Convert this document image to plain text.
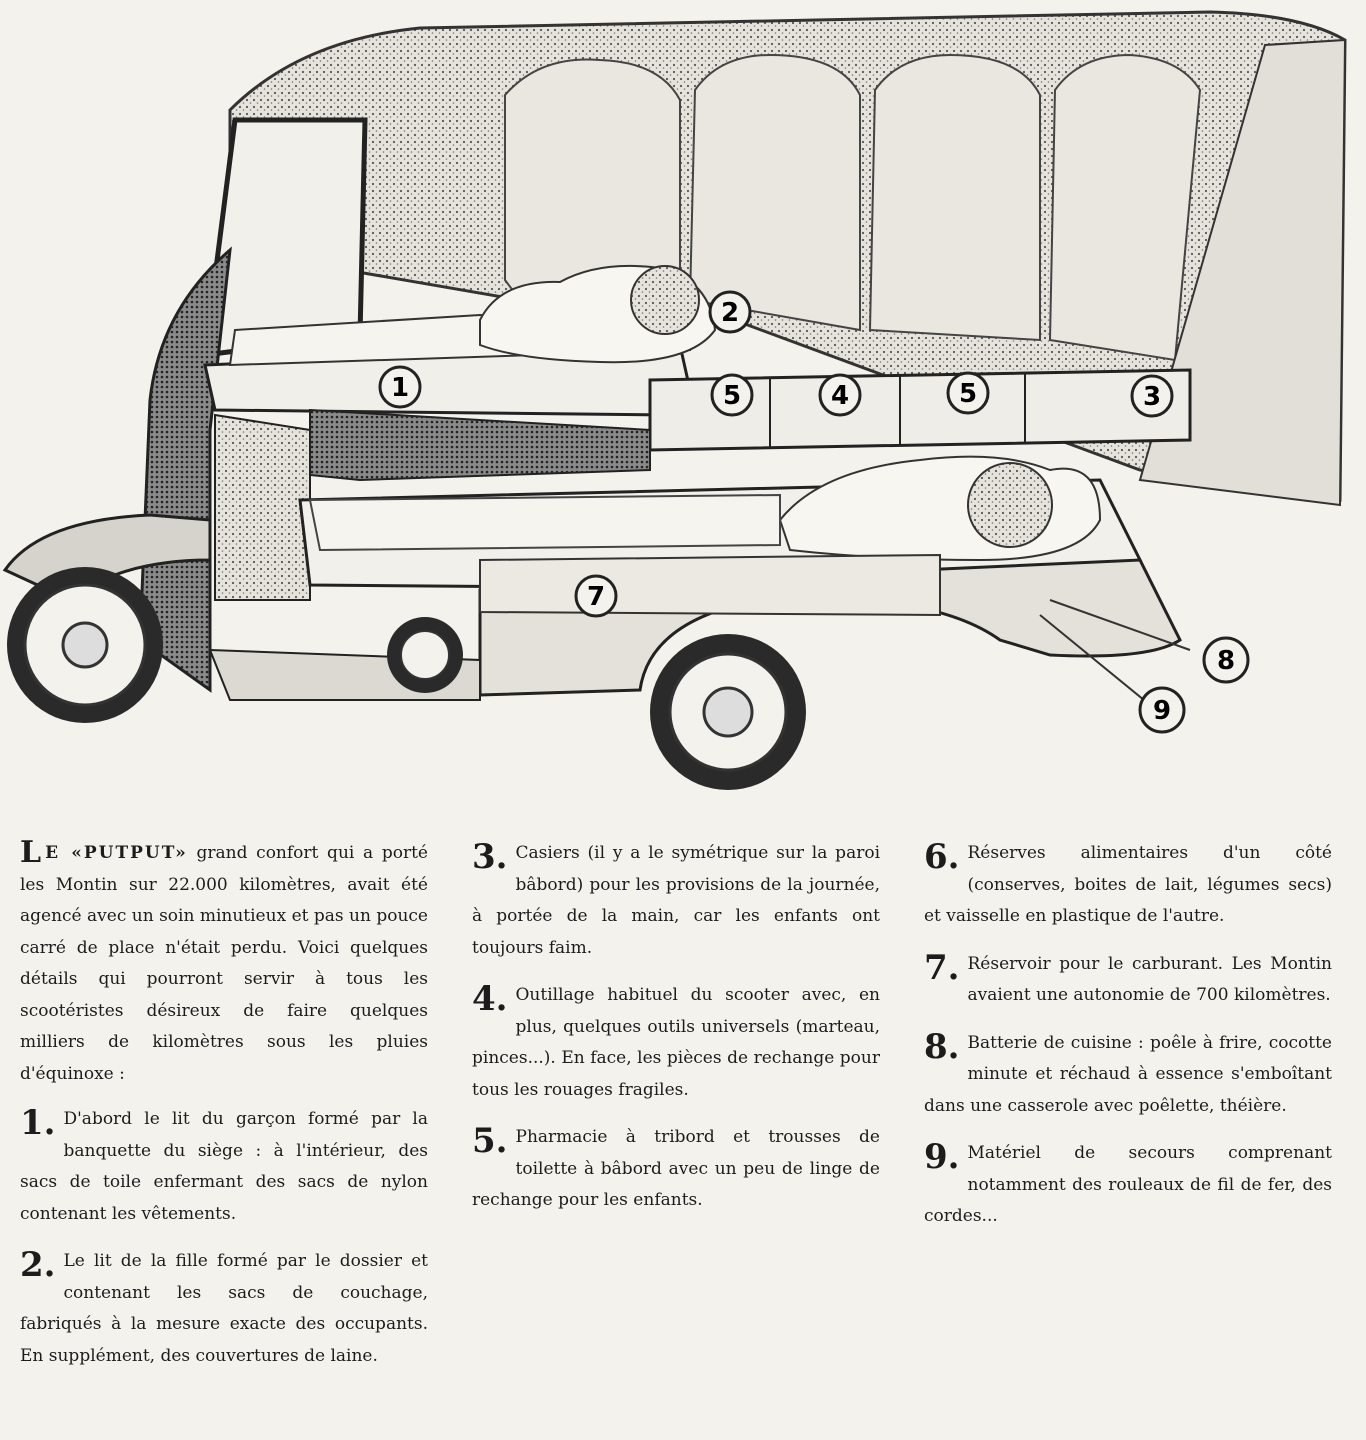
1
2
3
4
5	5
7
8
9

L E «PUTPUT» grand confort qui a porté les Montin sur 22.000 kilomètres, avait été agencé avec un soin minutieux et pas un pouce carré de place n'était perdu. Voici quelques détails qui pourront servir à tous les scootéristes désireux de faire quelques milliers de kilomètres sous les pluies d'équinoxe :

1. D'abord le lit du garçon formé par la banquette du siège : à l'intérieur, des sacs de toile enfermant des sacs de nylon contenant les vêtements.
2. Le lit de la fille formé par le dossier et contenant les sacs de couchage, fabriqués à la mesure exacte des occupants. En supplément, des couvertures de laine.
3. Casiers (il y a le symétrique sur la paroi bâbord) pour les provisions de la journée, à portée de la main, car les enfants ont toujours faim.
4. Outillage habituel du scooter avec, en plus, quelques outils universels (marteau, pinces...). En face, les pièces de rechange pour tous les rouages fragiles.
5. Pharmacie à tribord et trousses de toilette à bâbord avec un peu de linge de rechange pour les enfants.
6. Réserves alimentaires d'un côté (conserves, boites de lait, légumes secs) et vaisselle en plastique de l'autre.
7. Réservoir pour le carburant. Les Montin avaient une autonomie de 700 kilomètres.
8. Batterie de cuisine : poêle à frire, cocotte minute et réchaud à essence s'emboîtant dans une casserole avec poêlette, théière.
9. Matériel de secours comprenant notamment des rouleaux de fil de fer, des cordes...
